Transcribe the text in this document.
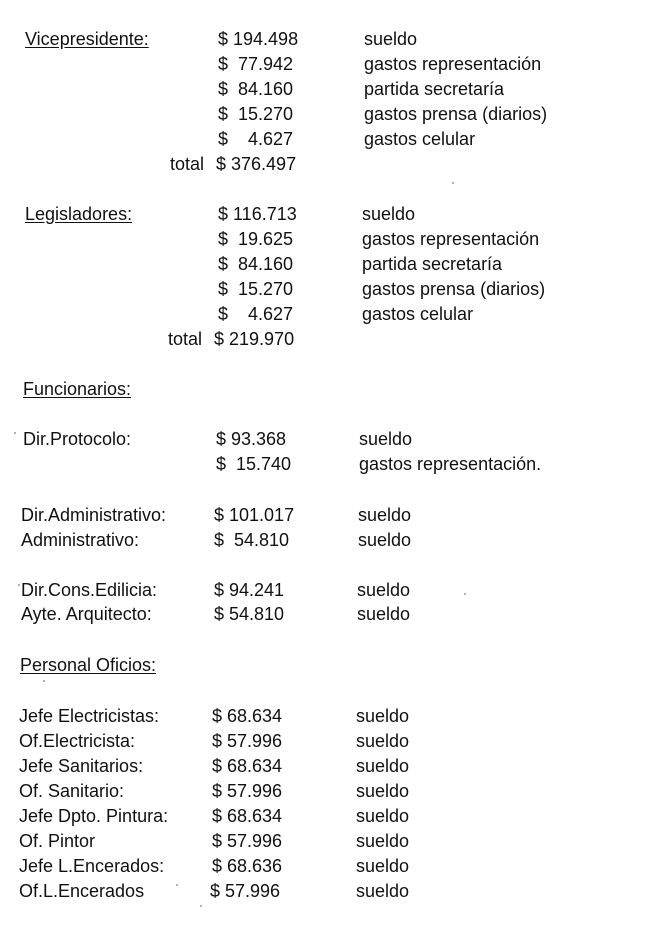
Vicepresidente:	$ 194.498	sueldo
$  77.942	gastos representación
$  84.160	partida secretaría
$  15.270	gastos prensa (diarios)
$    4.627	gastos celular
total $ 376.497
Legisladores:	$ 116.713	sueldo
$  19.625	gastos representación
$  84.160	partida secretaría
$  15.270	gastos prensa (diarios)
$    4.627	gastos celular
total $ 219.970
Funcionarios:
Dir.Protocolo:	$ 93.368	sueldo
$  15.740	gastos representación.
Dir.Administrativo:	$ 101.017	sueldo
Administrativo:	$  54.810	sueldo
Dir.Cons.Edilicia:	$ 94.241	sueldo
Ayte. Arquitecto:	$ 54.810	sueldo
Personal Oficios:
Jefe Electricistas:	$ 68.634	sueldo
Of.Electricista:	$ 57.996	sueldo
Jefe Sanitarios:	$ 68.634	sueldo
Of. Sanitario:	$ 57.996	sueldo
Jefe Dpto. Pintura: $ 68.634	sueldo
Of. Pintor	$ 57.996	sueldo
Jefe L.Encerados:	$ 68.636	sueldo
Of.L.Encerados	$ 57.996	sueldo
